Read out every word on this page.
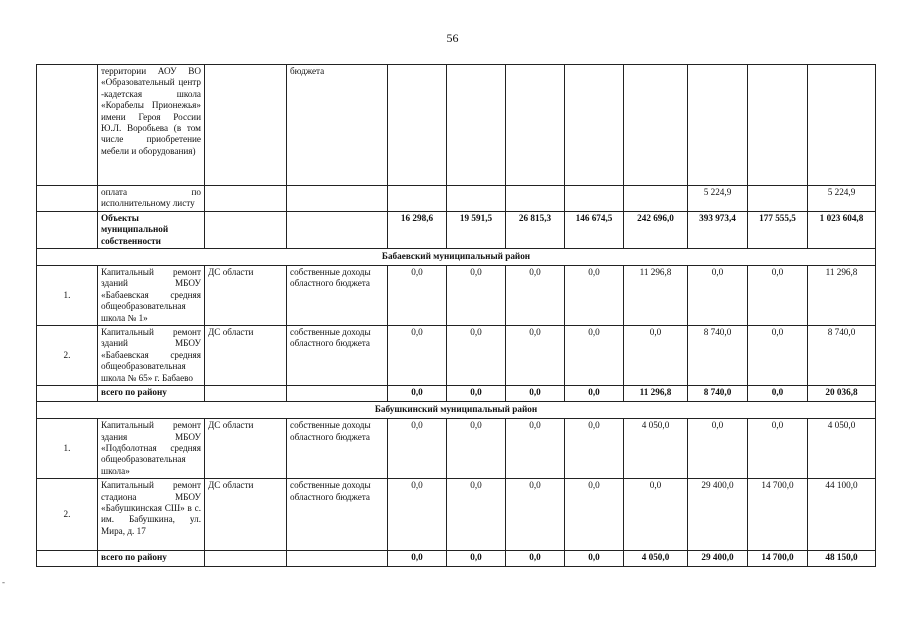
56
-
	территории АОУ ВО «Образовательный центр -кадетская школа «Корабелы Прионежья» имени Героя России Ю.Л. Воробьева (в том числе приобретение мебели и оборудования)		бюджета								
	оплата по исполнительному листу								5 224,9		5 224,9
	Объекты муниципальной собственности			16 298,6	19 591,5	26 815,3	146 674,5	242 696,0	393 973,4	177 555,5	1 023 604,8
Бабаевский муниципальный район											
1.	Капитальный ремонт зданий МБОУ «Бабаевская средняя общеобразовательная школа № 1»	ДС области	собственные доходы областного бюджета	0,0	0,0	0,0	0,0	11 296,8	0,0	0,0	11 296,8
2.	Капитальный ремонт зданий МБОУ «Бабаевская средняя общеобразовательная школа № 65» г. Бабаево	ДС области	собственные доходы областного бюджета	0,0	0,0	0,0	0,0	0,0	8 740,0	0,0	8 740,0
	всего по району			0,0	0,0	0,0	0,0	11 296,8	8 740,0	0,0	20 036,8
Бабушкинский муниципальный район											
1.	Капитальный ремонт здания МБОУ «Подболотная средняя общеобразовательная школа»	ДС области	собственные доходы областного бюджета	0,0	0,0	0,0	0,0	4 050,0	0,0	0,0	4 050,0
2.	Капитальный ремонт стадиона МБОУ «Бабушкинская СШ» в с. им. Бабушкина, ул. Мира, д. 17	ДС области	собственные доходы областного бюджета	0,0	0,0	0,0	0,0	0,0	29 400,0	14 700,0	44 100,0
	всего по району			0,0	0,0	0,0	0,0	4 050,0	29 400,0	14 700,0	48 150,0
